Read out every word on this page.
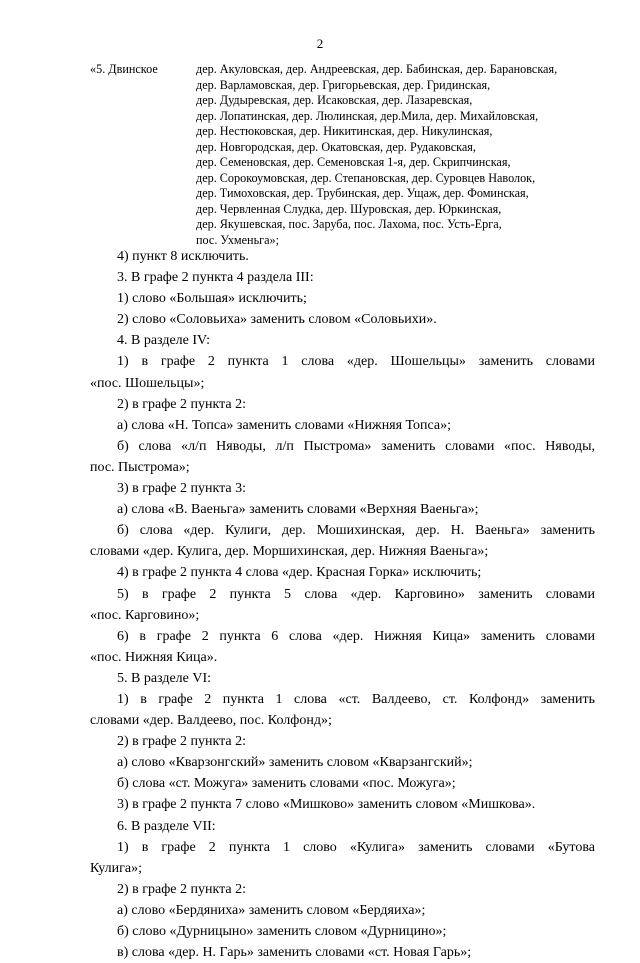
2
«5. Двинское	дер. Акуловская, дер. Андреевская, дер. Бабинская, дер. Барановская,
дер. Варламовская, дер. Григорьевская, дер. Гридинская,
дер. Дудыревская, дер. Исаковская, дер. Лазаревская,
дер. Лопатинская, дер. Люлинская, дер.Мила, дер. Михайловская,
дер. Нестюковская, дер. Никитинская, дер. Никулинская,
дер. Новгородская, дер. Окатовская, дер. Рудаковская,
дер. Семеновская, дер. Семеновская 1-я, дер. Скрипчинская,
дер. Сорокоумовская, дер. Степановская, дер. Суровцев Наволок,
дер. Тимоховская, дер. Трубинская, дер. Ущаж, дер. Фоминская,
дер. Червленная Слудка, дер. Шуровская, дер. Юркинская,
дер. Якушевская, пос. Заруба, пос. Лахома, пос. Усть-Ерга,
пос. Ухменьга»;
4) пункт 8 исключить.
3. В графе 2 пункта 4 раздела III:
1) слово «Большая» исключить;
2) слово «Соловьиха» заменить словом «Соловьихи».
4. В разделе IV:
1) в графе 2 пункта 1 слова «дер. Шошельцы» заменить словами
«пос. Шошельцы»;
2) в графе 2 пункта 2:
а) слова «Н. Топса» заменить словами «Нижняя Топса»;
б) слова «л/п Няводы, л/п Пыстрома» заменить словами «пос. Няводы,
пос. Пыстрома»;
3) в графе 2 пункта 3:
а) слова «В. Ваеньга» заменить словами «Верхняя Ваеньга»;
б) слова «дер. Кулиги, дер. Мошихинская, дер. Н. Ваеньга» заменить
словами «дер. Кулига, дер. Моршихинская, дер. Нижняя Ваеньга»;
4) в графе 2 пункта 4 слова «дер. Красная Горка» исключить;
5) в графе 2 пункта 5 слова «дер. Карговино» заменить словами
«пос. Карговино»;
6) в графе 2 пункта 6 слова «дер. Нижняя Кица» заменить словами
«пос. Нижняя Кица».
5. В разделе VI:
1) в графе 2 пункта 1 слова «ст. Валдеево, ст. Колфонд» заменить
словами «дер. Валдеево, пос. Колфонд»;
2) в графе 2 пункта 2:
а) слово «Кварзонгский» заменить словом «Кварзангский»;
б) слова «ст. Можуга» заменить словами «пос. Можуга»;
3) в графе 2 пункта 7 слово «Мишково» заменить словом «Мишкова».
6. В разделе VII:
1) в графе 2 пункта 1 слово «Кулига» заменить словами «Бутова
Кулига»;
2) в графе 2 пункта 2:
а) слово «Бердяниха» заменить словом «Бердяиха»;
б) слово «Дурницыно» заменить словом «Дурницино»;
в) слова «дер. Н. Гарь» заменить словами «ст. Новая Гарь»;
